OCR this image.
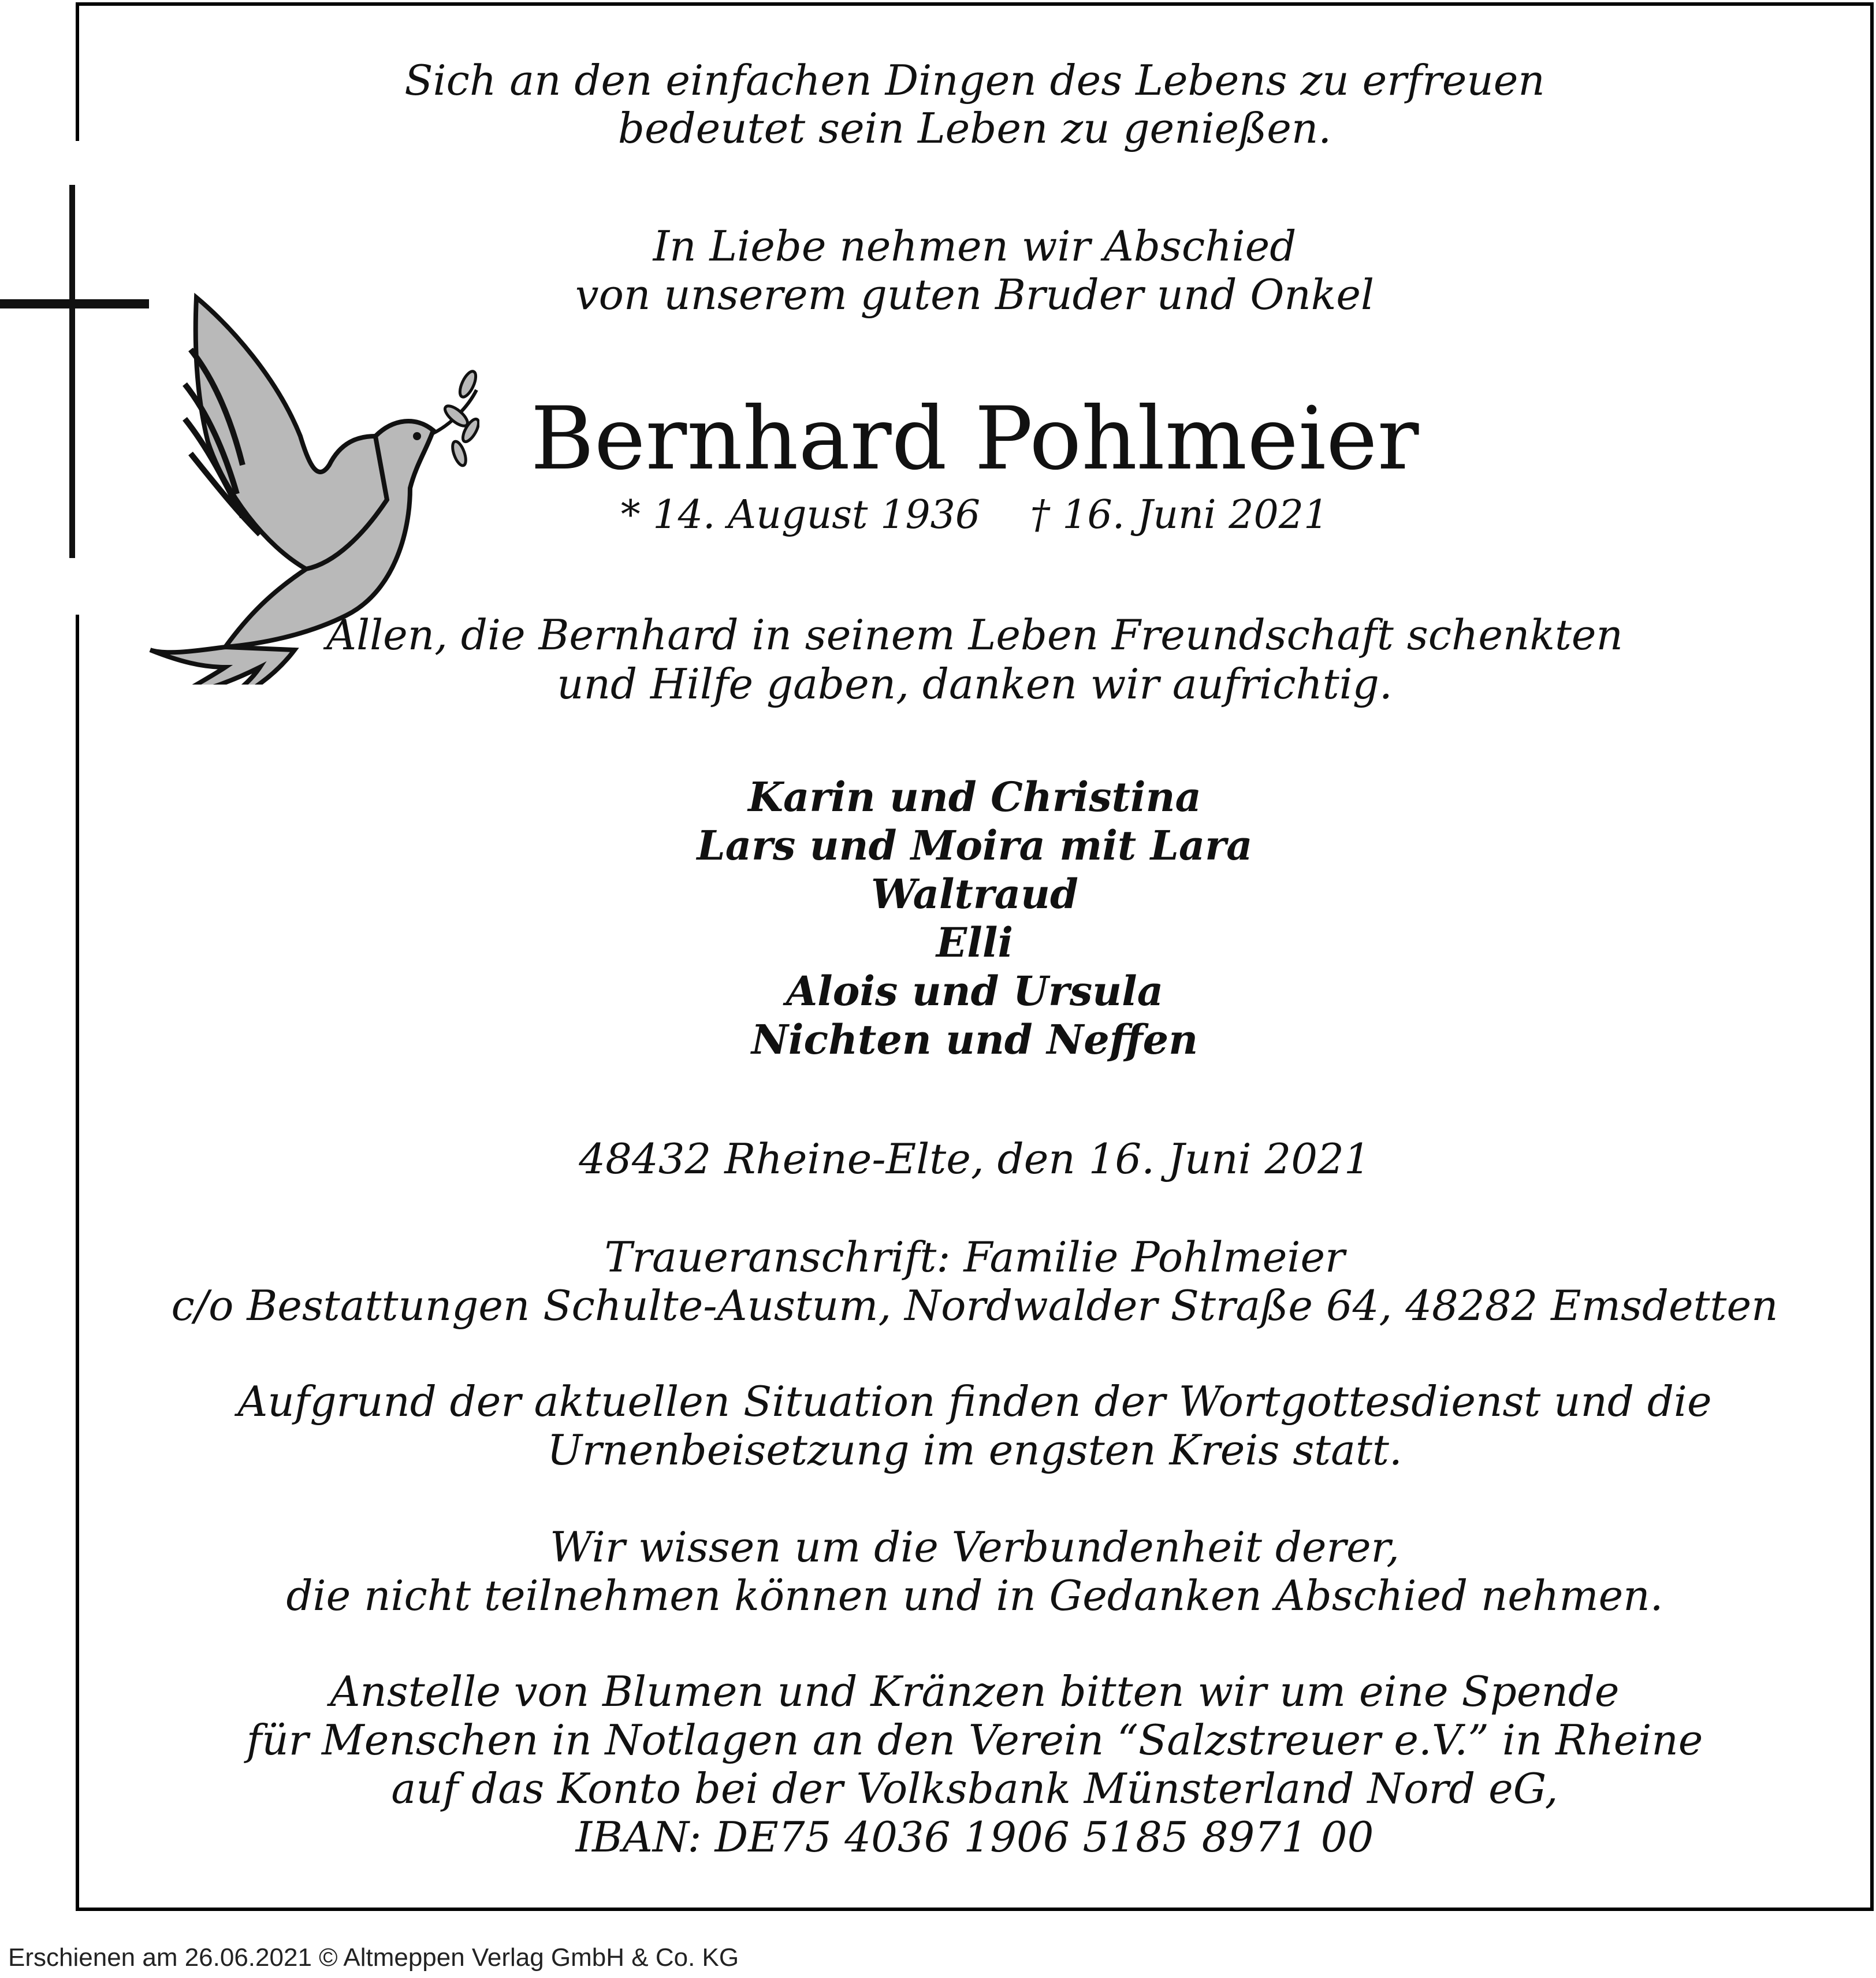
Sich an den einfachen Dingen des Lebens zu erfreuen

bedeutet sein Leben zu genießen.

In Liebe nehmen wir Abschied

von unserem guten Bruder und Onkel

Bernhard Pohlmeier

* 14. August 1936 † 16. Juni 2021

Allen, die Bernhard in seinem Leben Freundschaft schenkten

und Hilfe gaben, danken wir aufrichtig.

Karin und Christina

Lars und Moira mit Lara

Waltraud

Elli

Alois und Ursula

Nichten und Neffen

48432 Rheine-Elte, den 16. Juni 2021

Traueranschrift: Familie Pohlmeier

c/o Bestattungen Schulte-Austum, Nordwalder Straße 64, 48282 Emsdetten

Aufgrund der aktuellen Situation finden der Wortgottesdienst und die

Urnenbeisetzung im engsten Kreis statt.

Wir wissen um die Verbundenheit derer,

die nicht teilnehmen können und in Gedanken Abschied nehmen.

Anstelle von Blumen und Kränzen bitten wir um eine Spende

für Menschen in Notlagen an den Verein “Salzstreuer e.V.” in Rheine

auf das Konto bei der Volksbank Münsterland Nord eG,

IBAN: DE75 4036 1906 5185 8971 00

Erschienen am 26.06.2021 © Altmeppen Verlag GmbH & Co. KG
